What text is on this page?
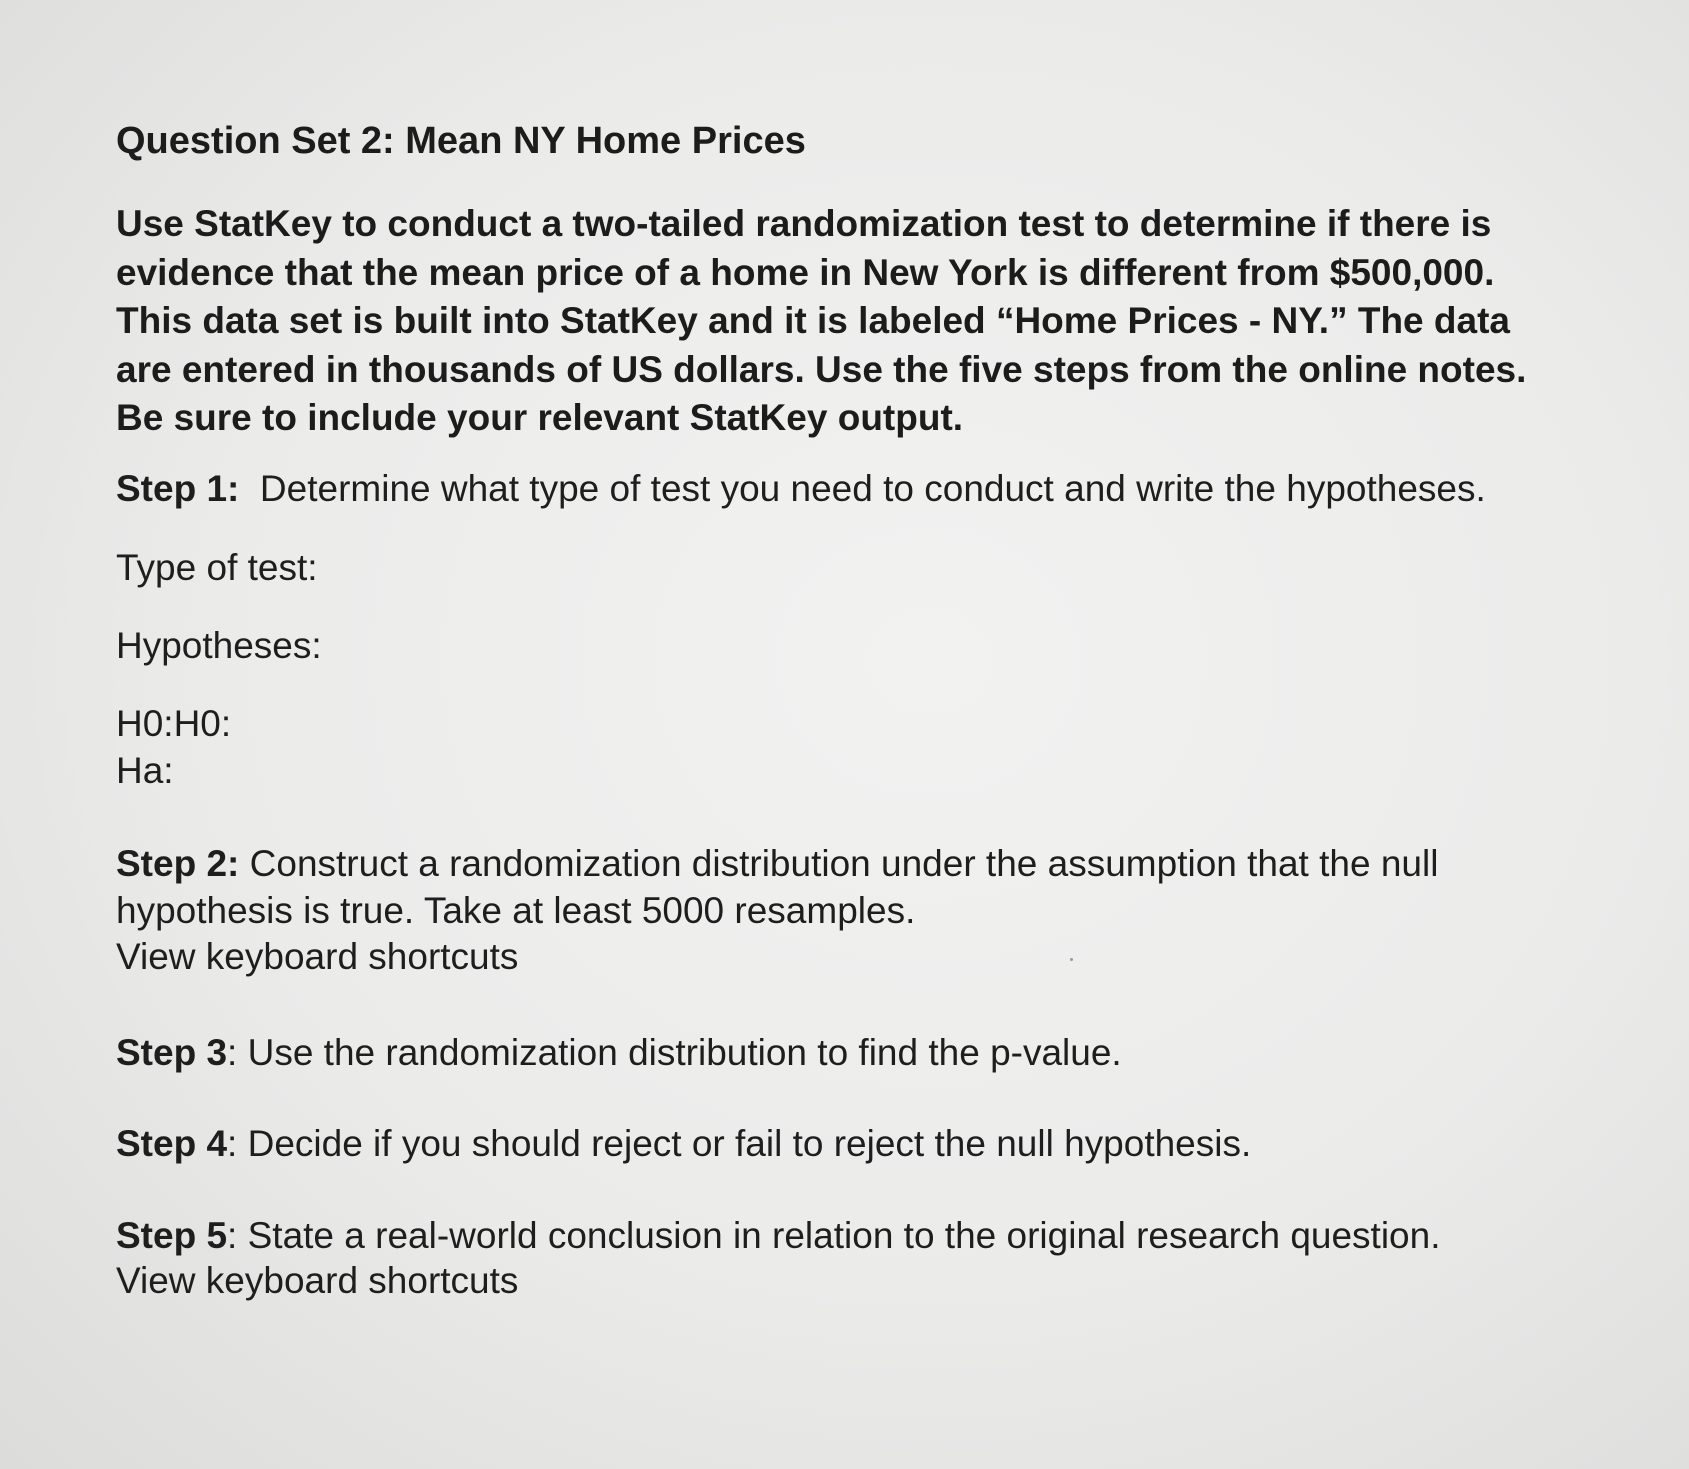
Question Set 2: Mean NY Home Prices
Use StatKey to conduct a two-tailed randomization test to determine if there is
evidence that the mean price of a home in New York is different from $500,000.
This data set is built into StatKey and it is labeled “Home Prices - NY.” The data
are entered in thousands of US dollars. Use the five steps from the online notes.
Be sure to include your relevant StatKey output.
Step 1: Determine what type of test you need to conduct and write the hypotheses.
Type of test:
Hypotheses:
H0:H0:
Ha:
Step 2: Construct a randomization distribution under the assumption that the null
hypothesis is true. Take at least 5000 resamples.
View keyboard shortcuts
Step 3: Use the randomization distribution to find the p-value.
Step 4: Decide if you should reject or fail to reject the null hypothesis.
Step 5: State a real-world conclusion in relation to the original research question.
View keyboard shortcuts
